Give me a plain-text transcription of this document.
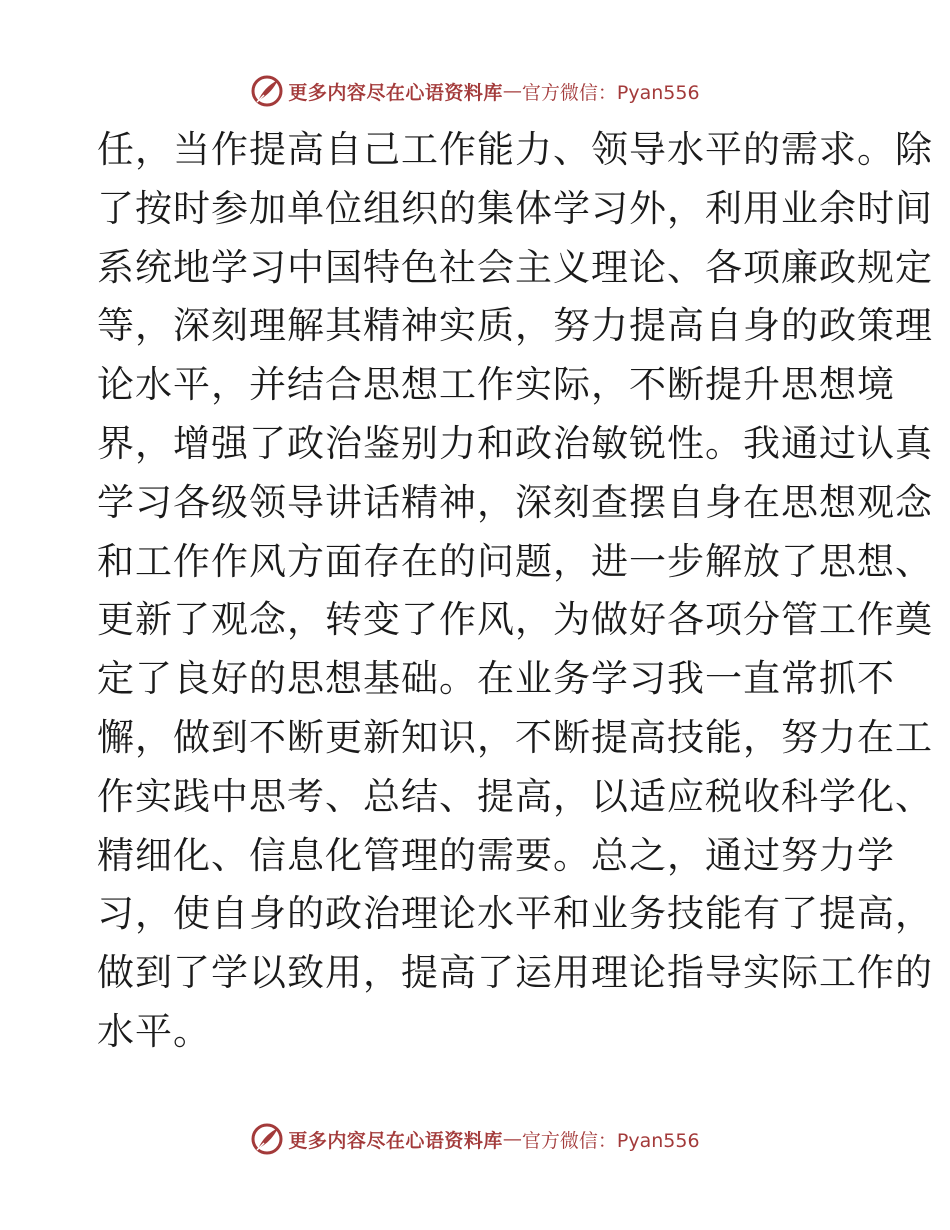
更多内容尽在心语资料库 — 官方微信：Pyan556
任，当作提高自己工作能力、领导水平的需求。除
了按时参加单位组织的集体学习外，利用业余时间
系统地学习中国特色社会主义理论、各项廉政规定
等，深刻理解其精神实质，努力提高自身的政策理
论水平，并结合思想工作实际，不断提升思想境
界，增强了政治鉴别力和政治敏锐性。我通过认真
学习各级领导讲话精神，深刻查摆自身在思想观念
和工作作风方面存在的问题，进一步解放了思想、
更新了观念，转变了作风，为做好各项分管工作奠
定了良好的思想基础。在业务学习我一直常抓不
懈，做到不断更新知识，不断提高技能，努力在工
作实践中思考、总结、提高，以适应税收科学化、
精细化、信息化管理的需要。总之，通过努力学
习，使自身的政治理论水平和业务技能有了提高，
做到了学以致用，提高了运用理论指导实际工作的
水平。
更多内容尽在心语资料库 — 官方微信：Pyan556
